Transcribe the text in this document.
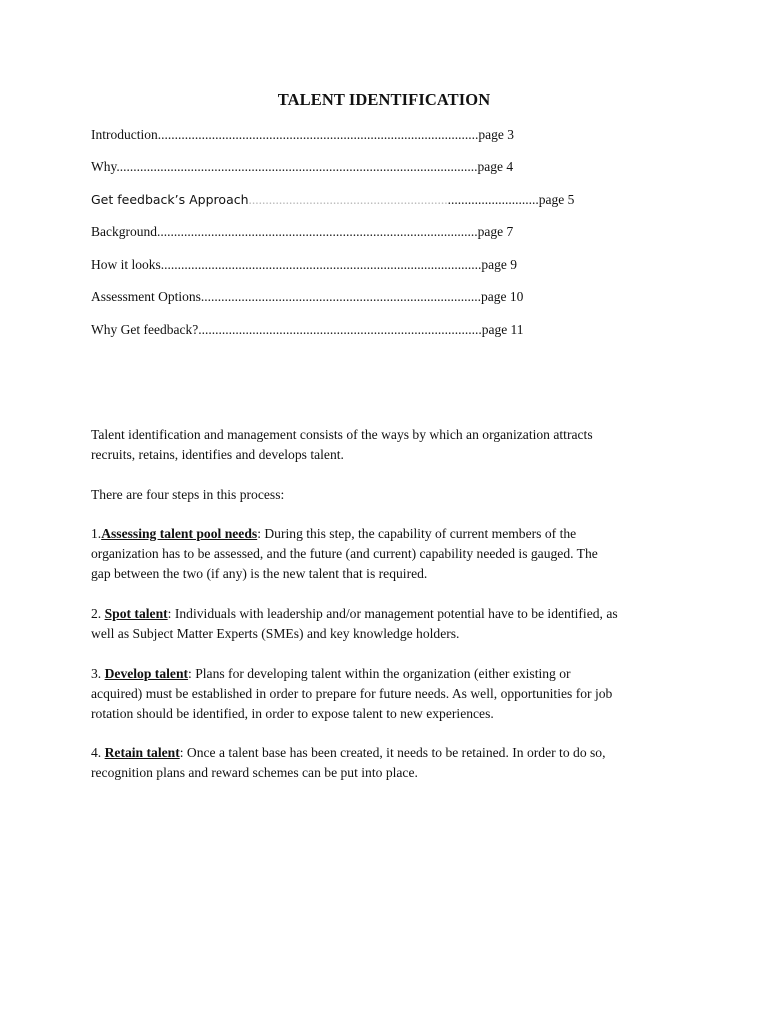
TALENT IDENTIFICATION
Introduction...............................................................................................page 3
Why...........................................................................................................page 4
Get feedback’s Approach......................................................................................page 5
Background...............................................................................................page 7
How it looks...............................................................................................page 9
Assessment Options...................................................................................page 10
Why Get feedback?....................................................................................page 11
Talent identification and management consists of the ways by which an organization attracts
recruits, retains, identifies and develops talent.
There are four steps in this process:
1.Assessing talent pool needs: During this step, the capability of current members of the
organization has to be assessed, and the future (and current) capability needed is gauged. The
gap between the two (if any) is the new talent that is required.
2. Spot talent: Individuals with leadership and/or management potential have to be identified, as
well as Subject Matter Experts (SMEs) and key knowledge holders.
3. Develop talent: Plans for developing talent within the organization (either existing or
acquired) must be established in order to prepare for future needs. As well, opportunities for job
rotation should be identified, in order to expose talent to new experiences.
4. Retain talent: Once a talent base has been created, it needs to be retained. In order to do so,
recognition plans and reward schemes can be put into place.
